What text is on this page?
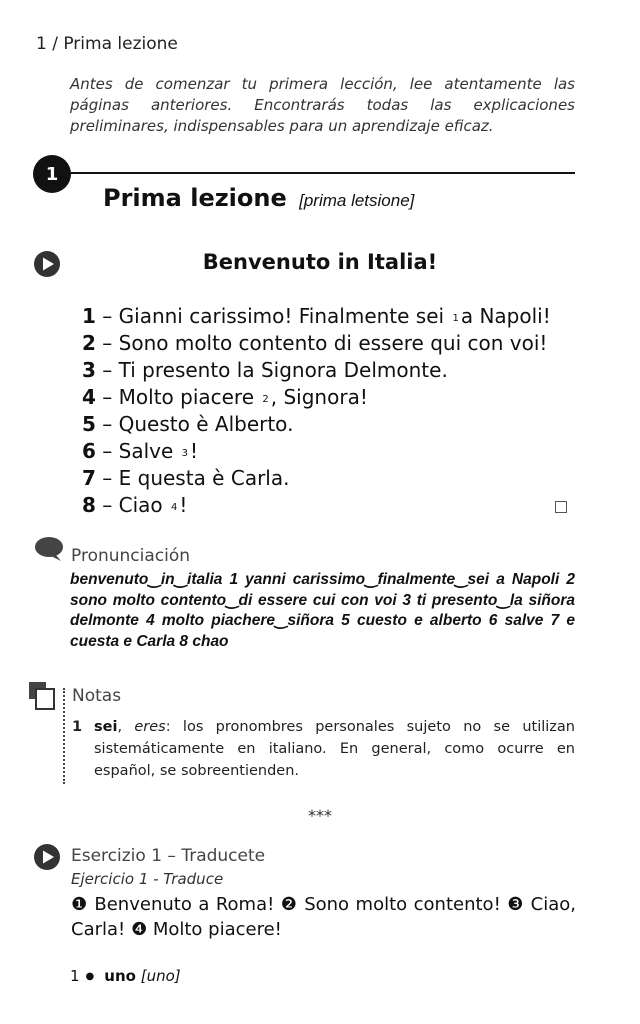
1 / Prima lezione
Antes de comenzar tu primera lección, lee atentamente las páginas anteriores. Encontrarás todas las explicaciones preliminares, indispensables para un aprendizaje eficaz.
1
Prima lezione [prima letsione]
Benvenuto in Italia!
1 – Gianni carissimo! Finalmente sei $^1$ a Napoli!
2 – Sono molto contento di essere qui con voi!
3 – Ti presento la Signora Delmonte.
4 – Molto piacere $^2$ , Signora!
5 – Questo è Alberto.
6 – Salve $^3$ !
7 – E questa è Carla.
8 – Ciao $^4$ !
Pronunciación
benvenuto‿in‿italia 1 yanni carissimo‿finalmente‿sei a Napoli 2 sono molto contento‿di essere cui con voi 3 ti presento‿la siñora delmonte 4 molto piachere‿siñora 5 cuesto e alberto 6 salve 7 e cuesta e Carla 8 chao
Notas
1 sei, eres: los pronombres personales sujeto no se utilizan sistemáticamente en italiano. En general, como ocurre en español, se sobreentienden.
***
Esercizio 1 – Traducete
Ejercicio 1 - Traduce
❶ Benvenuto a Roma! ❷ Sono molto contento! ❸ Ciao, Carla! ❹ Molto piacere!
1 ● uno [uno]
